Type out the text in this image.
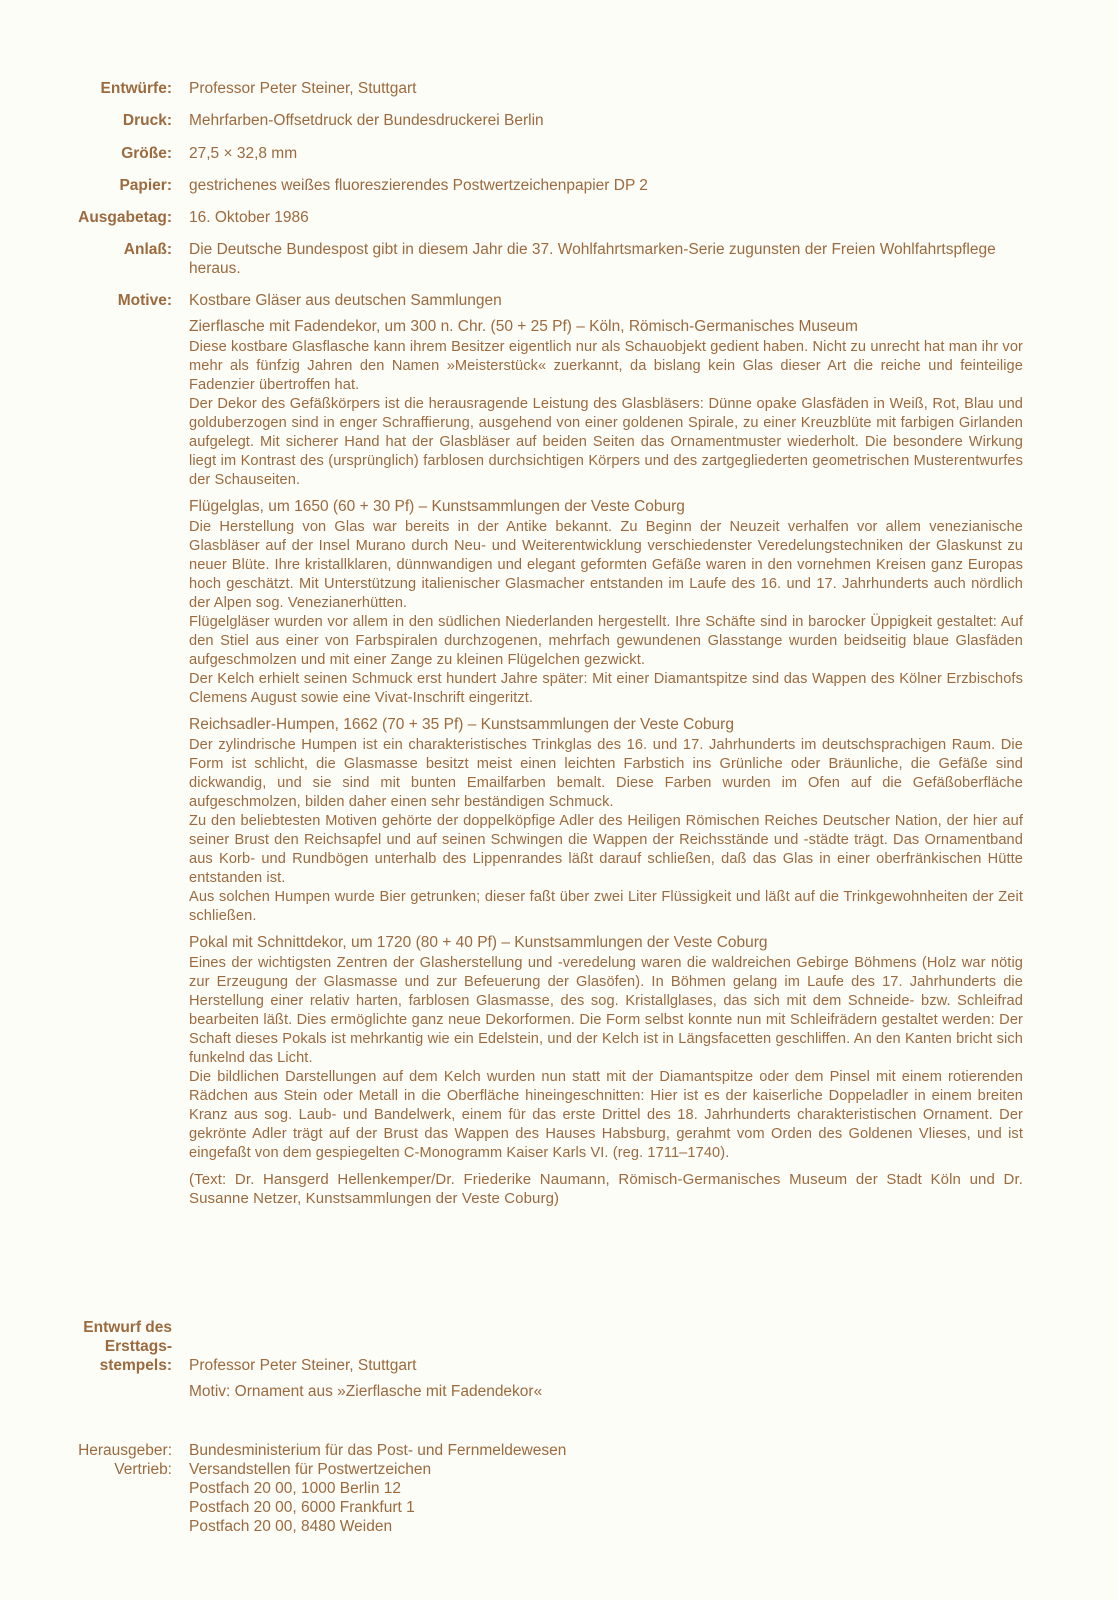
Entwürfe: Professor Peter Steiner, Stuttgart
Druck: Mehrfarben-Offsetdruck der Bundesdruckerei Berlin
Größe: 27,5 × 32,8 mm
Papier: gestrichenes weißes fluoreszierendes Postwertzeichenpapier DP 2
Ausgabetag: 16. Oktober 1986
Anlaß: Die Deutsche Bundespost gibt in diesem Jahr die 37. Wohlfahrtsmarken-Serie zugunsten der Freien Wohlfahrtspflege heraus.
Motive: Kostbare Gläser aus deutschen Sammlungen

Zierflasche mit Fadendekor, um 300 n. Chr. (50 + 25 Pf) – Köln, Römisch-Germanisches Museum

Diese kostbare Glasflasche kann ihrem Besitzer eigentlich nur als Schauobjekt gedient haben. Nicht zu unrecht hat man ihr vor mehr als fünfzig Jahren den Namen »Meisterstück« zuerkannt, da bislang kein Glas dieser Art die reiche und feinteilige Fadenzier übertroffen hat.

Der Dekor des Gefäßkörpers ist die herausragende Leistung des Glasbläsers: Dünne opake Glasfäden in Weiß, Rot, Blau und golduberzogen sind in enger Schraffierung, ausgehend von einer goldenen Spirale, zu einer Kreuzblüte mit farbigen Girlanden aufgelegt. Mit sicherer Hand hat der Glasbläser auf beiden Seiten das Ornamentmuster wiederholt. Die besondere Wirkung liegt im Kontrast des (ursprünglich) farblosen durchsichtigen Körpers und des zartgegliederten geometrischen Musterentwurfes der Schauseiten.

Flügelglas, um 1650 (60 + 30 Pf) – Kunstsammlungen der Veste Coburg

Die Herstellung von Glas war bereits in der Antike bekannt. Zu Beginn der Neuzeit verhalfen vor allem venezianische Glasbläser auf der Insel Murano durch Neu- und Weiterentwicklung verschiedenster Veredelungstechniken der Glaskunst zu neuer Blüte. Ihre kristallklaren, dünnwandigen und elegant geformten Gefäße waren in den vornehmen Kreisen ganz Europas hoch geschätzt. Mit Unterstützung italienischer Glasmacher entstanden im Laufe des 16. und 17. Jahrhunderts auch nördlich der Alpen sog. Venezianerhütten.

Flügelgläser wurden vor allem in den südlichen Niederlanden hergestellt. Ihre Schäfte sind in barocker Üppigkeit gestaltet: Auf den Stiel aus einer von Farbspiralen durchzogenen, mehrfach gewundenen Glasstange wurden beidseitig blaue Glasfäden aufgeschmolzen und mit einer Zange zu kleinen Flügelchen gezwickt.

Der Kelch erhielt seinen Schmuck erst hundert Jahre später: Mit einer Diamantspitze sind das Wappen des Kölner Erzbischofs Clemens August sowie eine Vivat-Inschrift eingeritzt.

Reichsadler-Humpen, 1662 (70 + 35 Pf) – Kunstsammlungen der Veste Coburg

Der zylindrische Humpen ist ein charakteristisches Trinkglas des 16. und 17. Jahrhunderts im deutschsprachigen Raum. Die Form ist schlicht, die Glasmasse besitzt meist einen leichten Farbstich ins Grünliche oder Bräunliche, die Gefäße sind dickwandig, und sie sind mit bunten Emailfarben bemalt. Diese Farben wurden im Ofen auf die Gefäßoberfläche aufgeschmolzen, bilden daher einen sehr beständigen Schmuck.

Zu den beliebtesten Motiven gehörte der doppelköpfige Adler des Heiligen Römischen Reiches Deutscher Nation, der hier auf seiner Brust den Reichsapfel und auf seinen Schwingen die Wappen der Reichsstände und -städte trägt. Das Ornamentband aus Korb- und Rundbögen unterhalb des Lippenrandes läßt darauf schließen, daß das Glas in einer oberfränkischen Hütte entstanden ist.

Aus solchen Humpen wurde Bier getrunken; dieser faßt über zwei Liter Flüssigkeit und läßt auf die Trinkgewohnheiten der Zeit schließen.

Pokal mit Schnittdekor, um 1720 (80 + 40 Pf) – Kunstsammlungen der Veste Coburg

Eines der wichtigsten Zentren der Glasherstellung und -veredelung waren die waldreichen Gebirge Böhmens (Holz war nötig zur Erzeugung der Glasmasse und zur Befeuerung der Glasöfen). In Böhmen gelang im Laufe des 17. Jahrhunderts die Herstellung einer relativ harten, farblosen Glasmasse, des sog. Kristallglases, das sich mit dem Schneide- bzw. Schleifrad bearbeiten läßt. Dies ermöglichte ganz neue Dekorformen. Die Form selbst konnte nun mit Schleifrädern gestaltet werden: Der Schaft dieses Pokals ist mehrkantig wie ein Edelstein, und der Kelch ist in Längsfacetten geschliffen. An den Kanten bricht sich funkelnd das Licht.

Die bildlichen Darstellungen auf dem Kelch wurden nun statt mit der Diamantspitze oder dem Pinsel mit einem rotierenden Rädchen aus Stein oder Metall in die Oberfläche hineingeschnitten: Hier ist es der kaiserliche Doppeladler in einem breiten Kranz aus sog. Laub- und Bandelwerk, einem für das erste Drittel des 18. Jahrhunderts charakteristischen Ornament. Der gekrönte Adler trägt auf der Brust das Wappen des Hauses Habsburg, gerahmt vom Orden des Goldenen Vlieses, und ist eingefaßt von dem gespiegelten C-Monogramm Kaiser Karls VI. (reg. 1711–1740).

(Text: Dr. Hansgerd Hellenkemper/Dr. Friederike Naumann, Römisch-Germanisches Museum der Stadt Köln und Dr. Susanne Netzer, Kunstsammlungen der Veste Coburg)

Entwurf des
Ersttags-
stempels: Professor Peter Steiner, Stuttgart

Motiv: Ornament aus »Zierflasche mit Fadendekor«

Herausgeber:
Vertrieb:
Bundesministerium für das Post- und Fernmeldewesen
Versandstellen für Postwertzeichen
Postfach 20 00, 1000 Berlin 12
Postfach 20 00, 6000 Frankfurt 1
Postfach 20 00, 8480 Weiden
